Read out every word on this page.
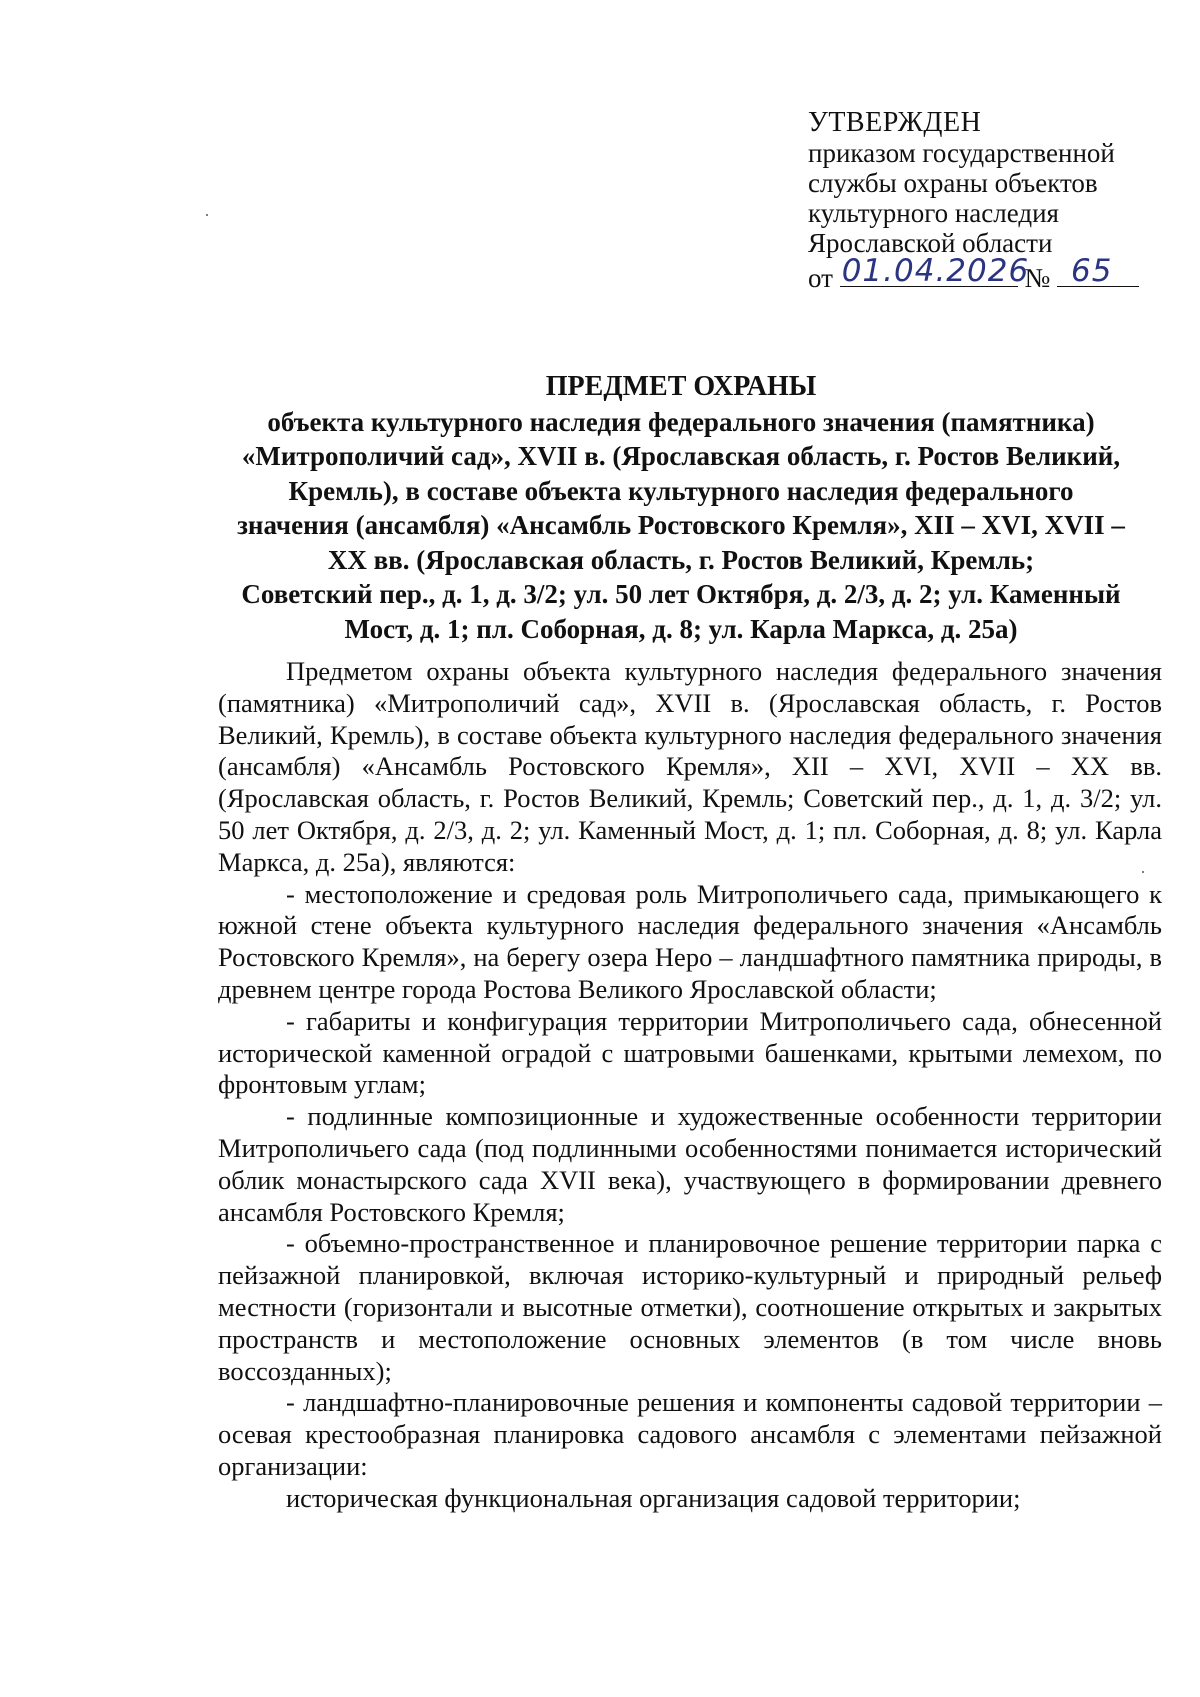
УТВЕРЖДЕН
приказом государственной
службы охраны объектов
культурного наследия
Ярославской области
от 01.04.2026
№ 65
ПРЕДМЕТ ОХРАНЫ
объекта культурного наследия федерального значения (памятника)
«Митрополичий сад», XVII в. (Ярославская область, г. Ростов Великий,
Кремль), в составе объекта культурного наследия федерального
значения (ансамбля) «Ансамбль Ростовского Кремля», XII – XVI, XVII –
XX вв. (Ярославская область, г. Ростов Великий, Кремль;
Советский пер., д. 1, д. 3/2; ул. 50 лет Октября, д. 2/3, д. 2; ул. Каменный
Мост, д. 1; пл. Соборная, д. 8; ул. Карла Маркса, д. 25а)

Предметом охраны объекта культурного наследия федерального значения (памятника) «Митрополичий сад», XVII в. (Ярославская область, г. Ростов Великий, Кремль), в составе объекта культурного наследия федерального значения (ансамбля) «Ансамбль Ростовского Кремля», XII – XVI, XVII – XX вв. (Ярославская область, г. Ростов Великий, Кремль; Советский пер., д. 1, д. 3/2; ул. 50 лет Октября, д. 2/3, д. 2; ул. Каменный Мост, д. 1; пл. Соборная, д. 8; ул. Карла Маркса, д. 25а), являются:

- местоположение и средовая роль Митрополичьего сада, примыкающего к южной стене объекта культурного наследия федерального значения «Ансамбль Ростовского Кремля», на берегу озера Неро – ландшафтного памятника природы, в древнем центре города Ростова Великого Ярославской области;

- габариты и конфигурация территории Митрополичьего сада, обнесенной исторической каменной оградой с шатровыми башенками, крытыми лемехом, по фронтовым углам;

- подлинные композиционные и художественные особенности территории Митрополичьего сада (под подлинными особенностями понимается исторический облик монастырского сада XVII века), участвующего в формировании древнего ансамбля Ростовского Кремля;

- объемно-пространственное и планировочное решение территории парка с пейзажной планировкой, включая историко-культурный и природный рельеф местности (горизонтали и высотные отметки), соотношение открытых и закрытых пространств и местоположение основных элементов (в том числе вновь воссозданных);

- ландшафтно-планировочные решения и компоненты садовой территории – осевая крестообразная планировка садового ансамбля с элементами пейзажной организации:

историческая функциональная организация садовой территории;
